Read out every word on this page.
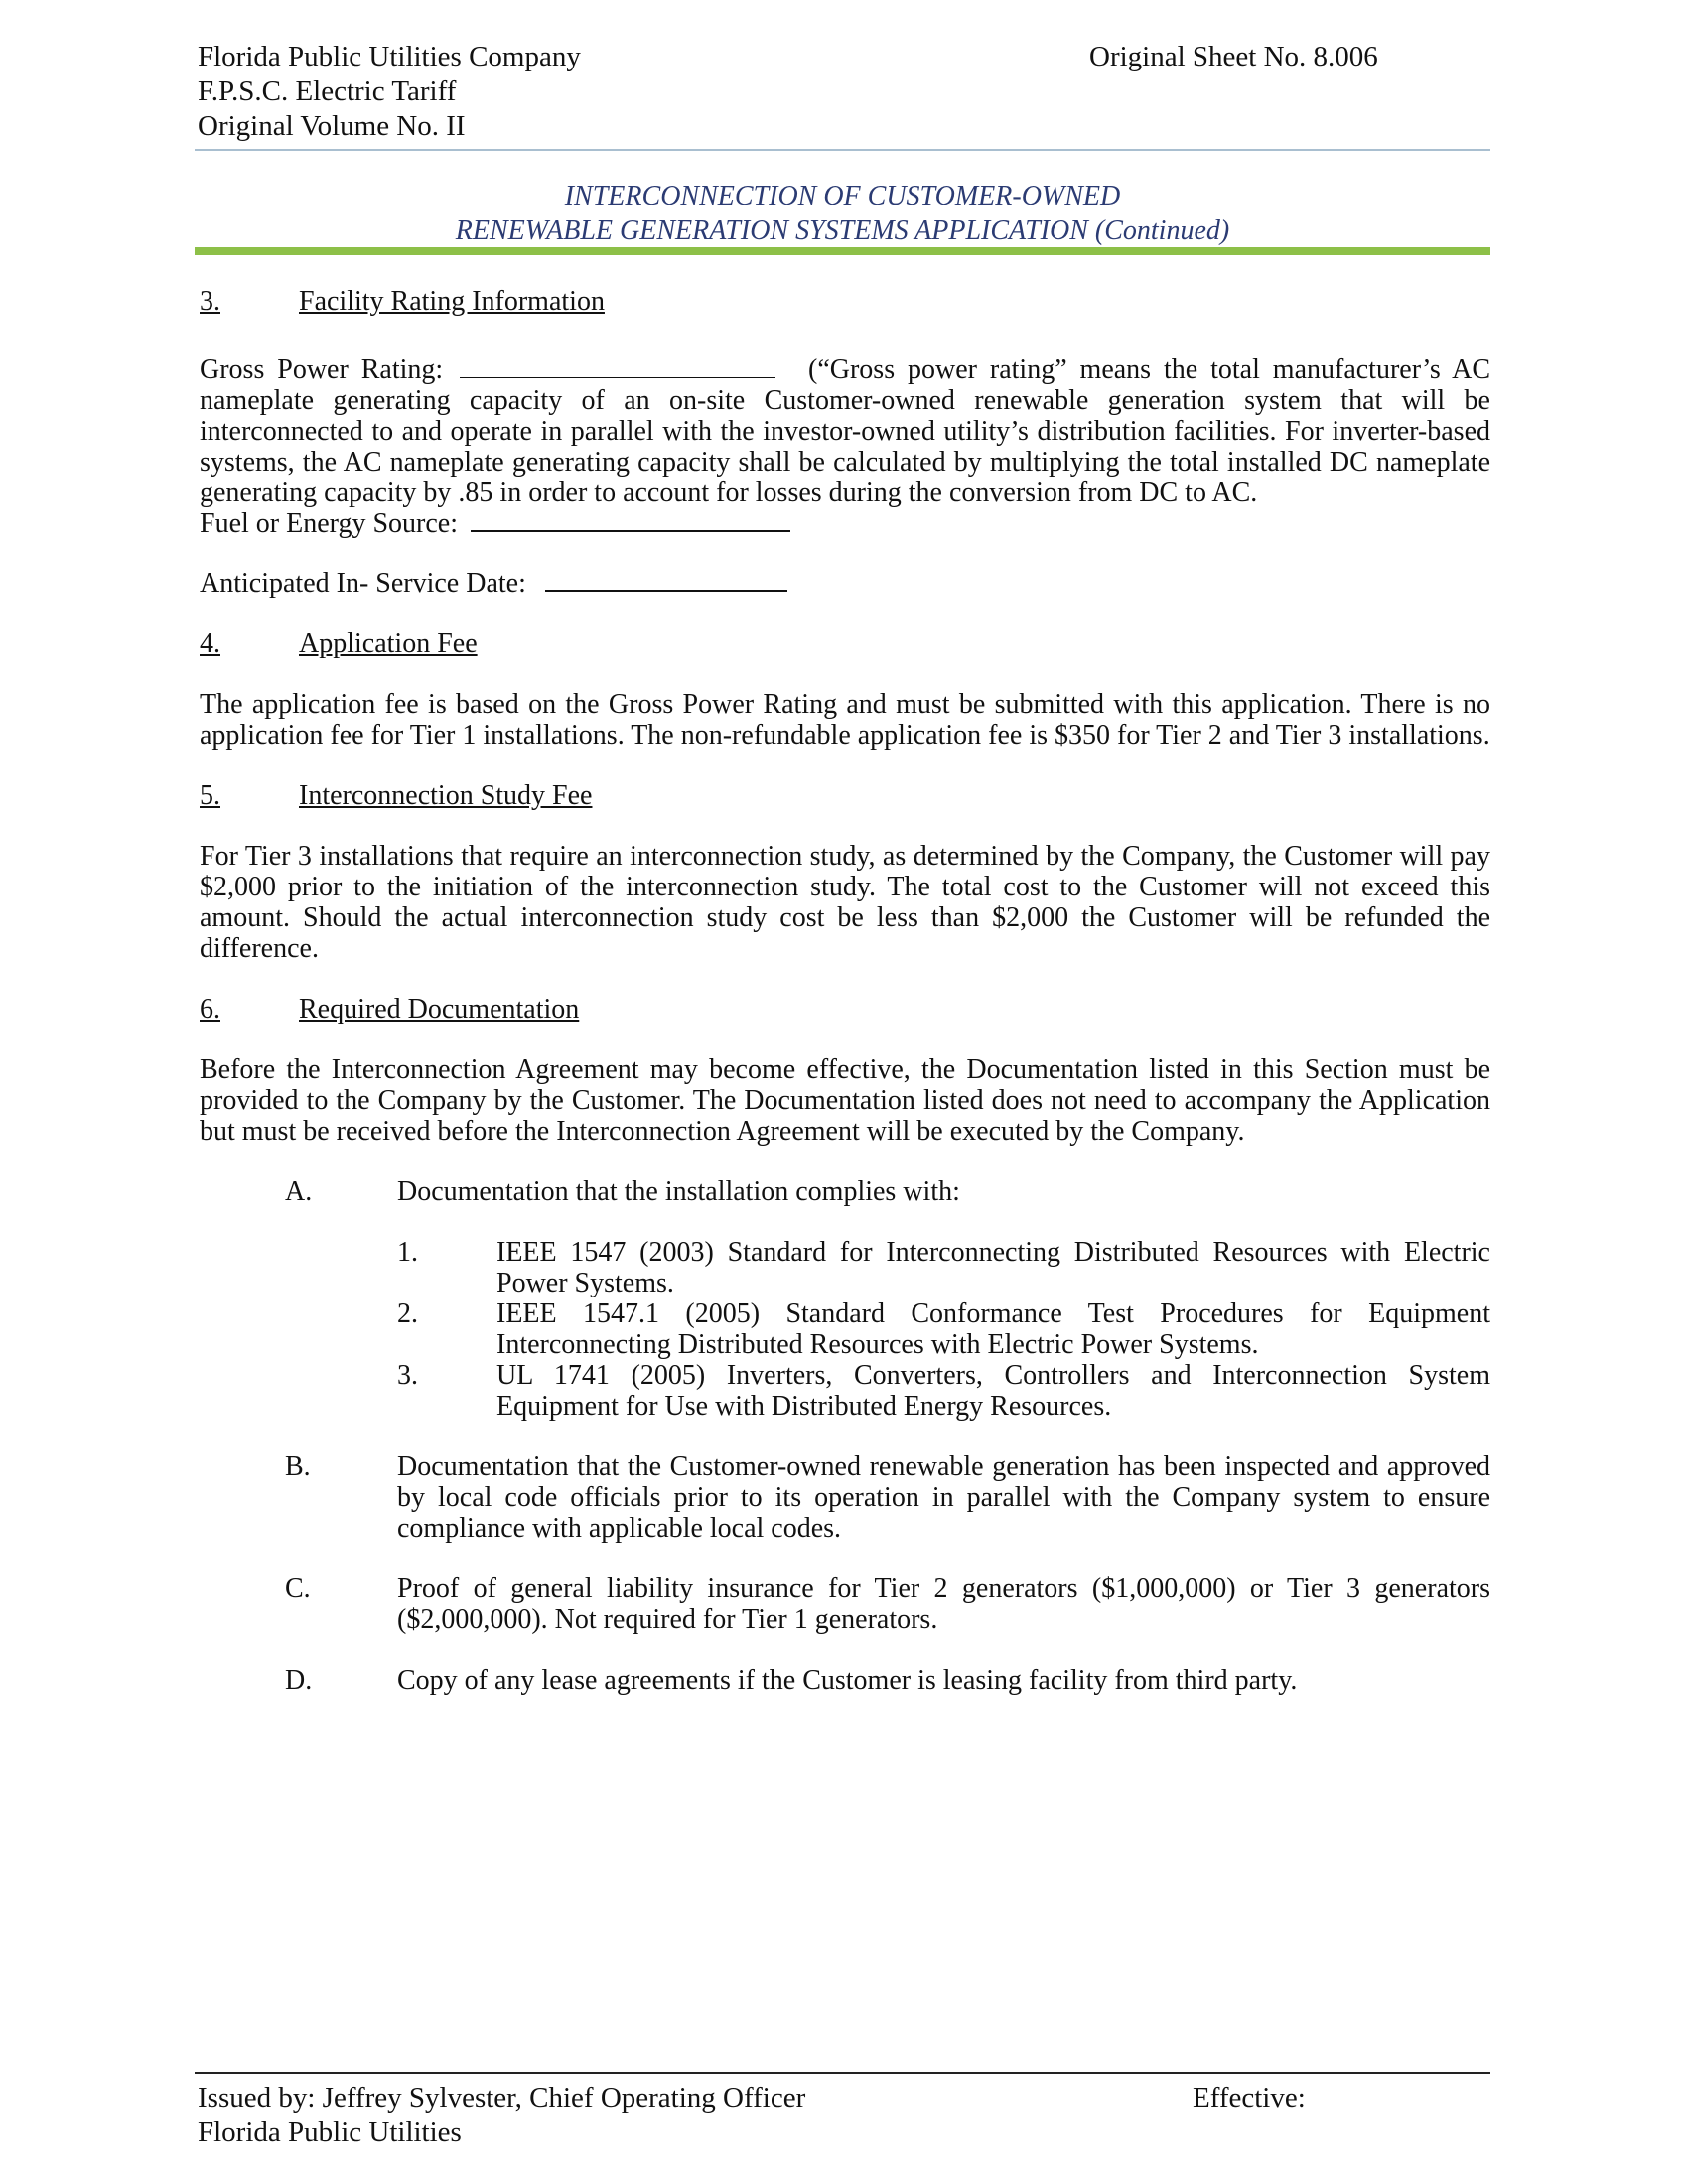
Florida Public Utilities Company
F.P.S.C. Electric Tariff
Original Volume No. II
Original Sheet No. 8.006
INTERCONNECTION OF CUSTOMER-OWNED
RENEWABLE GENERATION SYSTEMS APPLICATION (Continued)
3.	Facility Rating Information

Gross Power Rating:	(“Gross power rating” means the total manufacturer’s AC nameplate generating capacity of an on-site Customer-owned renewable generation system that will be interconnected to and operate in parallel with the investor-owned utility’s distribution facilities. For inverter-based systems, the AC nameplate generating capacity shall be calculated by multiplying the total installed DC nameplate generating capacity by .85 in order to account for losses during the conversion from DC to AC.

Fuel or Energy Source:
Anticipated In- Service Date:
4.	Application Fee

The application fee is based on the Gross Power Rating and must be submitted with this application. There is no application fee for Tier 1 installations. The non-refundable application fee is $350 for Tier 2 and Tier 3 installations.

5.	Interconnection Study Fee

For Tier 3 installations that require an interconnection study, as determined by the Company, the Customer will pay $2,000 prior to the initiation of the interconnection study. The total cost to the Customer will not exceed this amount. Should the actual interconnection study cost be less than $2,000 the Customer will be refunded the difference.

6.	Required Documentation

Before the Interconnection Agreement may become effective, the Documentation listed in this Section must be provided to the Company by the Customer. The Documentation listed does not need to accompany the Application but must be received before the Interconnection Agreement will be executed by the Company.

A.	Documentation that the installation complies with:
1.	IEEE 1547 (2003) Standard for Interconnecting Distributed Resources with Electric Power Systems.
2.	IEEE 1547.1 (2005) Standard Conformance Test Procedures for Equipment Interconnecting Distributed Resources with Electric Power Systems.
3.	UL 1741 (2005) Inverters, Converters, Controllers and Interconnection System Equipment for Use with Distributed Energy Resources.
B.	Documentation that the Customer-owned renewable generation has been inspected and approved by local code officials prior to its operation in parallel with the Company system to ensure compliance with applicable local codes.
C.	Proof of general liability insurance for Tier 2 generators ($1,000,000) or Tier 3 generators ($2,000,000). Not required for Tier 1 generators.
D.	Copy of any lease agreements if the Customer is leasing facility from third party.
Issued by: Jeffrey Sylvester, Chief Operating Officer
Florida Public Utilities
Effective:
